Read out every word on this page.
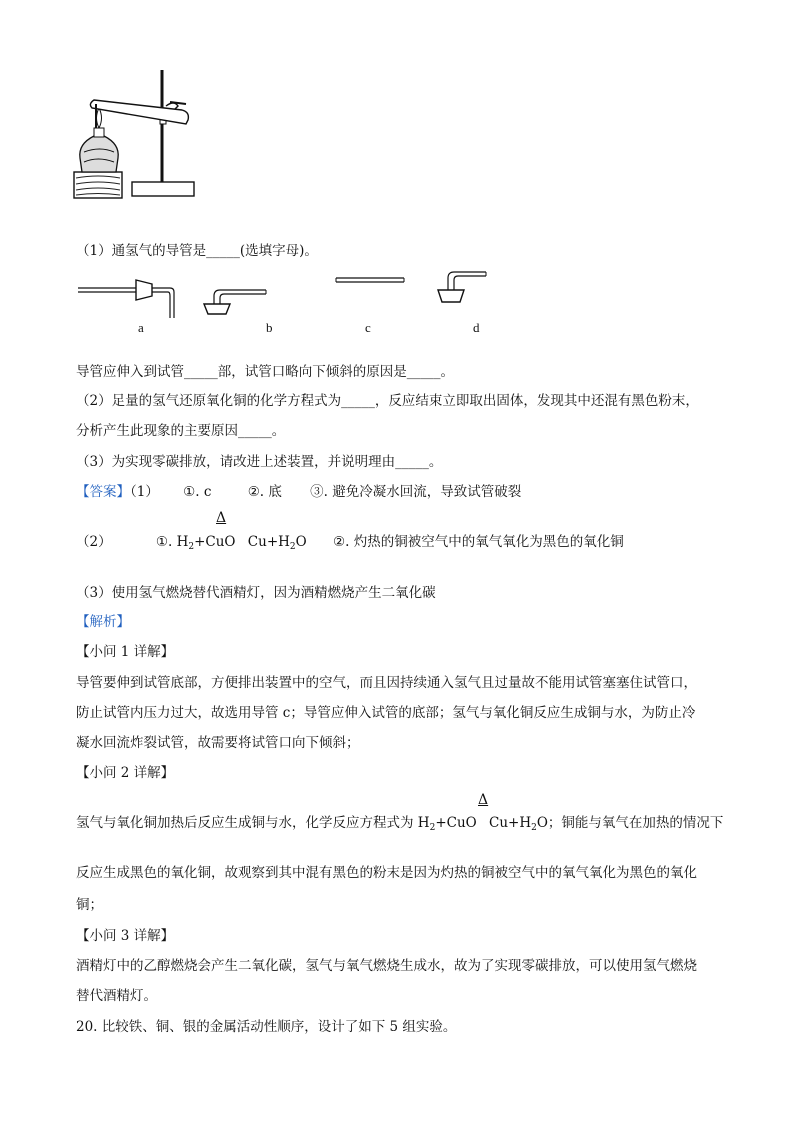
（1）通氢气的导管是_____(选填字母)。
a	b	c	d
导管应伸入到试管_____部，试管口略向下倾斜的原因是_____。
（2）足量的氢气还原氧化铜的化学方程式为_____，反应结束立即取出固体，发现其中还混有黑色粉末，
分析产生此现象的主要原因_____。
（3）为实现零碳排放，请改进上述装置，并说明理由_____。
【答案】（1） ①. c	②. 底 ③. 避免冷凝水回流，导致试管破裂
Δ
（2）	①. $H_2+CuO$ $Cu+H_2O$ ②. 灼热的铜被空气中的氧气氧化为黑色的氧化铜
（3）使用氢气燃烧替代酒精灯，因为酒精燃烧产生二氧化碳
【解析】
【小问 1 详解】
导管要伸到试管底部，方便排出装置中的空气，而且因持续通入氢气且过量故不能用试管塞塞住试管口，
防止试管内压力过大，故选用导管 c；导管应伸入试管的底部；氢气与氧化铜反应生成铜与水，为防止冷
凝水回流炸裂试管，故需要将试管口向下倾斜；
【小问 2 详解】
Δ
氢气与氧化铜加热后反应生成铜与水，化学反应方程式为 $H_2+CuO$ $Cu+H_2O$；铜能与氧气在加热的情况下
反应生成黑色的氧化铜，故观察到其中混有黑色的粉末是因为灼热的铜被空气中的氧气氧化为黑色的氧化
铜；
【小问 3 详解】
酒精灯中的乙醇燃烧会产生二氧化碳，氢气与氧气燃烧生成水，故为了实现零碳排放，可以使用氢气燃烧
替代酒精灯。
20. 比较铁、铜、银的金属活动性顺序，设计了如下 5 组实验。
